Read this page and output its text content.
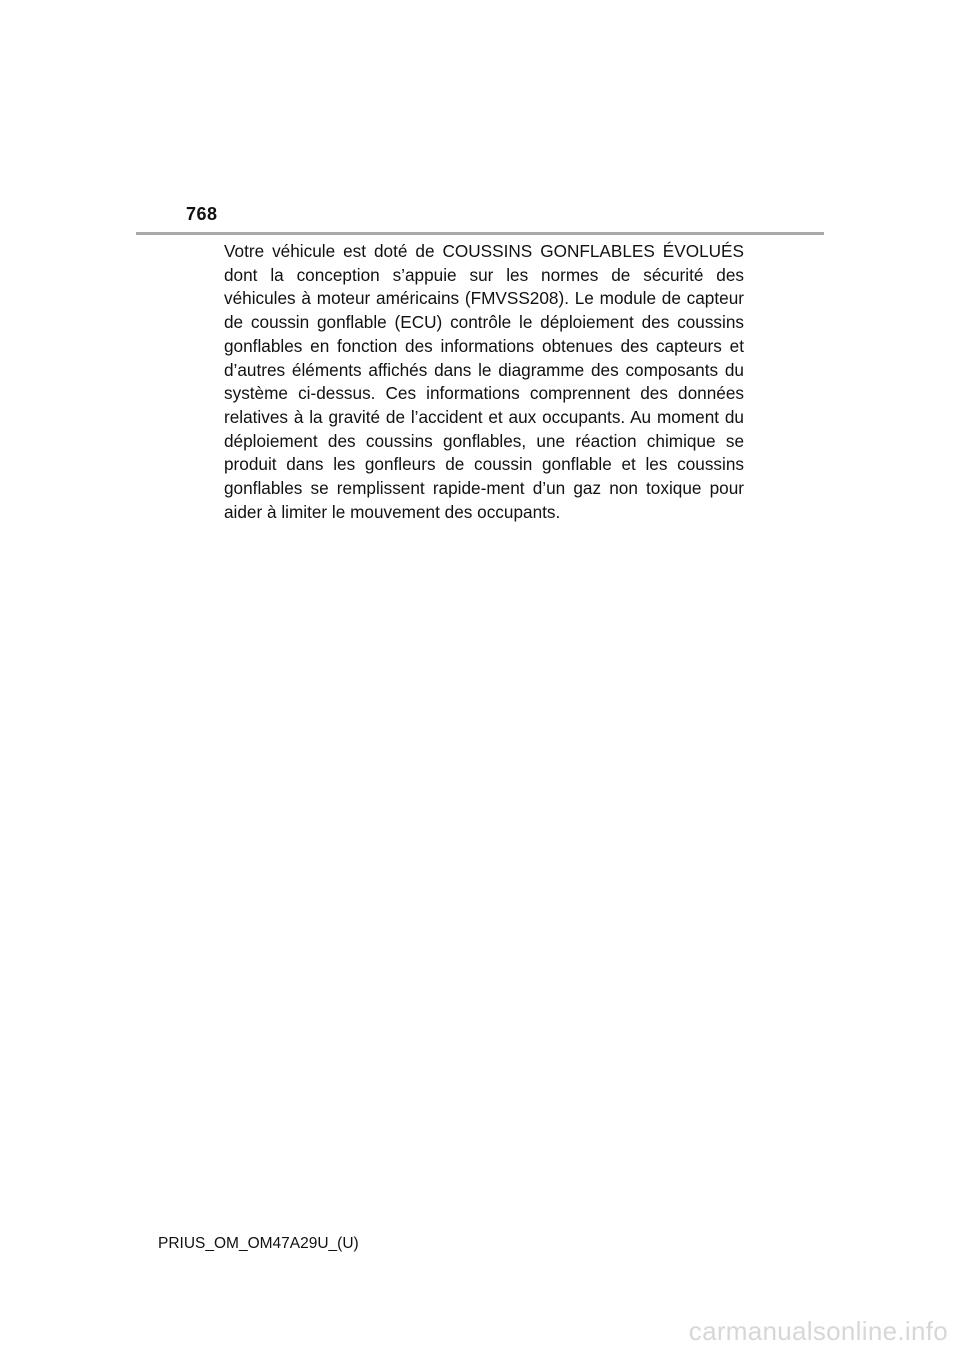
768

Votre véhicule est doté de COUSSINS GONFLABLES ÉVOLUÉS dont la conception s’appuie sur les normes de sécurité des véhicules à moteur américains (FMVSS208). Le module de capteur de coussin gonflable (ECU) contrôle le déploiement des coussins gonflables en fonction des informations obtenues des capteurs et d’autres éléments affichés dans le diagramme des composants du système ci-dessus. Ces informations comprennent des données relatives à la gravité de l’accident et aux occupants. Au moment du déploiement des coussins gonflables, une réaction chimique se produit dans les gonfleurs de coussin gonflable et les coussins gonflables se remplissent rapide-ment d’un gaz non toxique pour aider à limiter le mouvement des occupants.

PRIUS_OM_OM47A29U_(U)
carmanualsonline.info
